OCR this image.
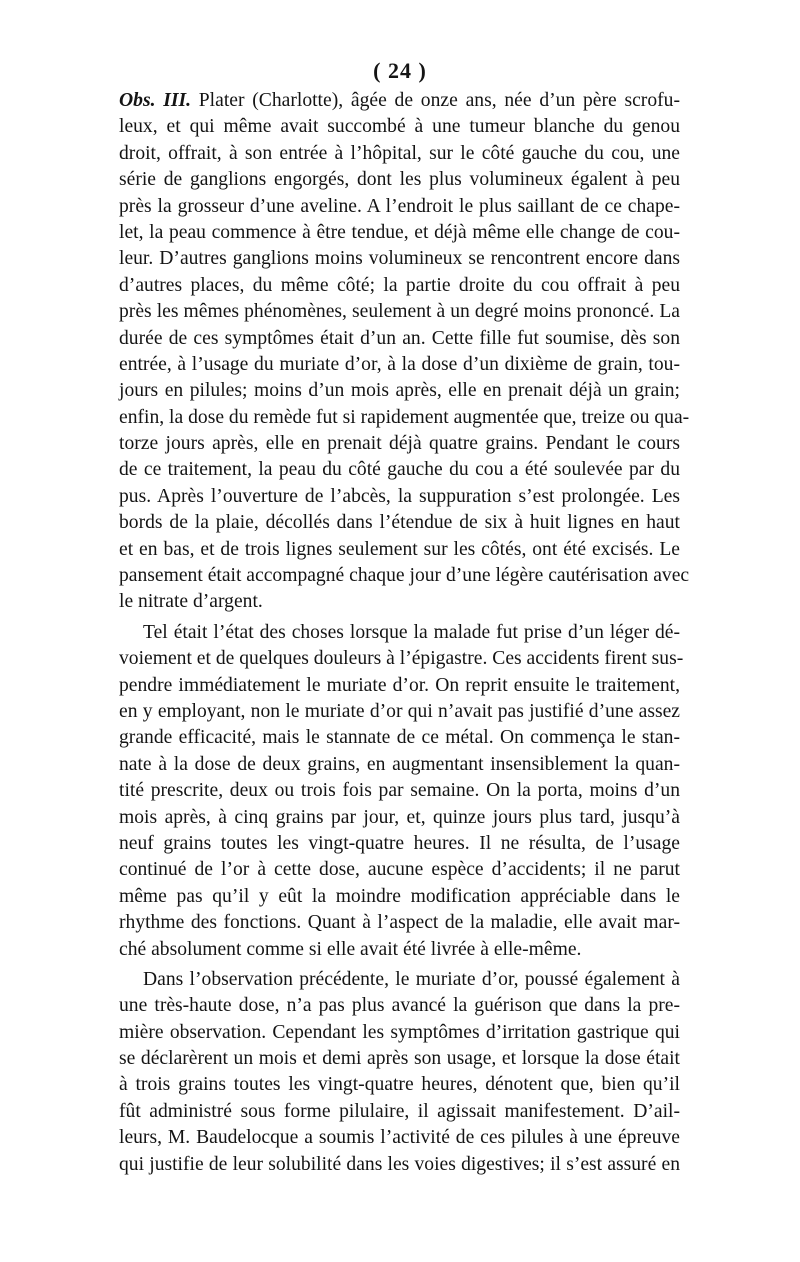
( 24 )
Obs. III. Plater (Charlotte), âgée de onze ans, née d’un père scrofu-
leux, et qui même avait succombé à une tumeur blanche du genou
droit, offrait, à son entrée à l’hôpital, sur le côté gauche du cou, une
série de ganglions engorgés, dont les plus volumineux égalent à peu
près la grosseur d’une aveline. A l’endroit le plus saillant de ce chape-
let, la peau commence à être tendue, et déjà même elle change de cou-
leur. D’autres ganglions moins volumineux se rencontrent encore dans
d’autres places, du même côté; la partie droite du cou offrait à peu
près les mêmes phénomènes, seulement à un degré moins prononcé. La
durée de ces symptômes était d’un an. Cette fille fut soumise, dès son
entrée, à l’usage du muriate d’or, à la dose d’un dixième de grain, tou-
jours en pilules; moins d’un mois après, elle en prenait déjà un grain;
enfin, la dose du remède fut si rapidement augmentée que, treize ou qua-
torze jours après, elle en prenait déjà quatre grains. Pendant le cours
de ce traitement, la peau du côté gauche du cou a été soulevée par du
pus. Après l’ouverture de l’abcès, la suppuration s’est prolongée. Les
bords de la plaie, décollés dans l’étendue de six à huit lignes en haut
et en bas, et de trois lignes seulement sur les côtés, ont été excisés. Le
pansement était accompagné chaque jour d’une légère cautérisation avec
le nitrate d’argent.
Tel était l’état des choses lorsque la malade fut prise d’un léger dé-
voiement et de quelques douleurs à l’épigastre. Ces accidents firent sus-
pendre immédiatement le muriate d’or. On reprit ensuite le traitement,
en y employant, non le muriate d’or qui n’avait pas justifié d’une assez
grande efficacité, mais le stannate de ce métal. On commença le stan-
nate à la dose de deux grains, en augmentant insensiblement la quan-
tité prescrite, deux ou trois fois par semaine. On la porta, moins d’un
mois après, à cinq grains par jour, et, quinze jours plus tard, jusqu’à
neuf grains toutes les vingt-quatre heures. Il ne résulta, de l’usage
continué de l’or à cette dose, aucune espèce d’accidents; il ne parut
même pas qu’il y eût la moindre modification appréciable dans le
rhythme des fonctions. Quant à l’aspect de la maladie, elle avait mar-
ché absolument comme si elle avait été livrée à elle-même.
Dans l’observation précédente, le muriate d’or, poussé également à
une très-haute dose, n’a pas plus avancé la guérison que dans la pre-
mière observation. Cependant les symptômes d’irritation gastrique qui
se déclarèrent un mois et demi après son usage, et lorsque la dose était
à trois grains toutes les vingt-quatre heures, dénotent que, bien qu’il
fût administré sous forme pilulaire, il agissait manifestement. D’ail-
leurs, M. Baudelocque a soumis l’activité de ces pilules à une épreuve
qui justifie de leur solubilité dans les voies digestives; il s’est assuré en
